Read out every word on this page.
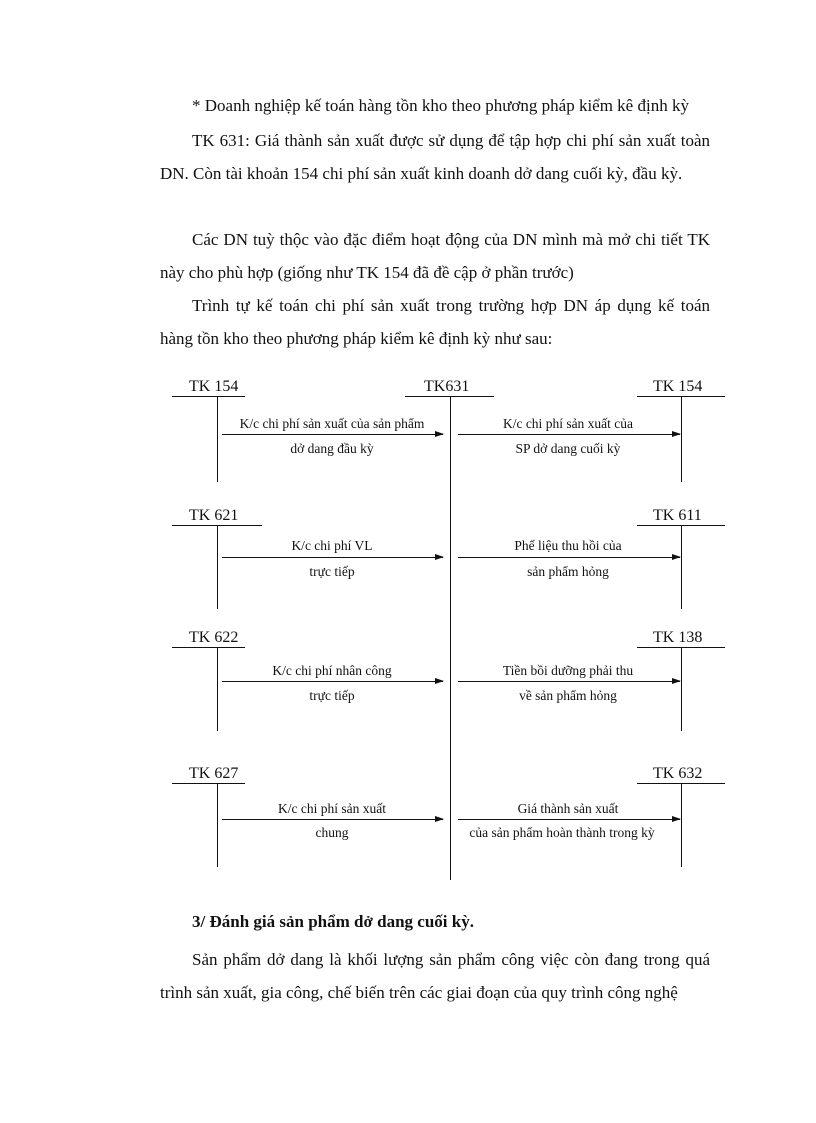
* Doanh nghiệp kế toán hàng tồn kho theo phương pháp kiểm kê định kỳ

TK 631: Giá thành sản xuất được sử dụng để tập hợp chi phí sản xuất toàn DN. Còn tài khoản 154 chi phí sản xuất kinh doanh dở dang cuối kỳ, đầu kỳ.

Các DN tuỳ thộc vào đặc điểm hoạt động của DN mình mà mở chi tiết TK này cho phù hợp (giống như TK 154 đã đề cập ở phần trước)

Trình tự kế toán chi phí sản xuất trong trường hợp DN áp dụng kế toán hàng tồn kho theo phương pháp kiểm kê định kỳ như sau:

TK631
TK 154	TK 154
K/c chi phí sản xuất của sản phẩm
dở dang đầu kỳ
K/c chi phí sản xuất của
SP dở dang cuối kỳ
TK 621	TK 611
K/c chi phí VL
trực tiếp
Phế liệu thu hồi của
sản phẩm hỏng
TK 622	TK 138
K/c chi phí nhân công
trực tiếp
Tiền bồi dưỡng phải thu
về sản phẩm hỏng
TK 627	TK 632
K/c chi phí sản xuất
chung
Giá thành sản xuất
của sản phẩm hoàn thành trong kỳ
3/ Đánh giá sản phẩm dở dang cuối kỳ.

Sản phẩm dở dang là khối lượng sản phẩm công việc còn đang trong quá trình sản xuất, gia công, chế biến trên các giai đoạn của quy trình công nghệ
